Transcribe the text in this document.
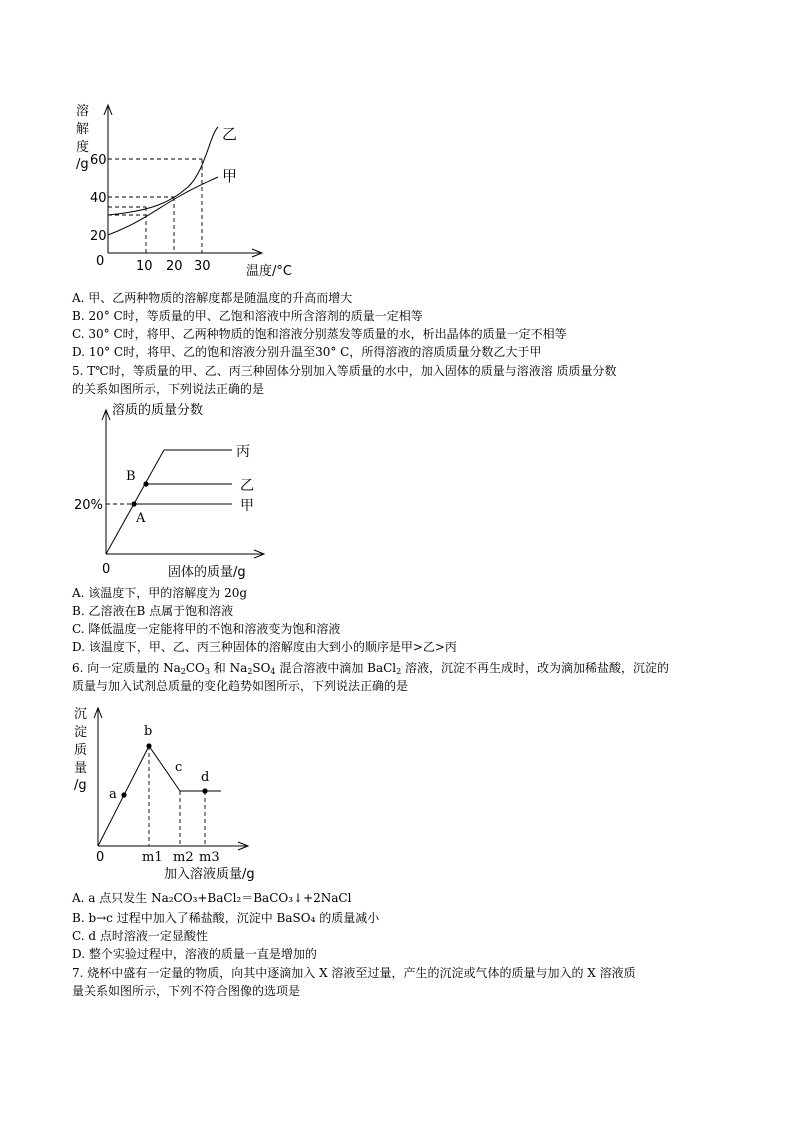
溶
解
度
/g 60
40
20
0 10 20 30	温度/°C
乙
甲
A. 甲、乙两种物质的溶解度都是随温度的升高而增大
B. 20° C时，等质量的甲、乙饱和溶液中所含溶剂的质量一定相等
C. 30° C时，将甲、乙两种物质的饱和溶液分别蒸发等质量的水，析出晶体的质量一定不相等
D. 10° C时，将甲、乙的饱和溶液分别升温至30° C，所得溶液的溶质质量分数乙大于甲
5. T℃时，等质量的甲、乙、丙三种固体分别加入等质量的水中，加入固体的质量与溶液溶 质质量分数
的关系如图所示，下列说法正确的是
溶质的质量分数
20%
0	固体的质量/g
丙
乙
甲
B
A
A. 该温度下，甲的溶解度为 20g
B. 乙溶液在B 点属于饱和溶液
C. 降低温度一定能将甲的不饱和溶液变为饱和溶液
D. 该温度下，甲、乙、丙三种固体的溶解度由大到小的顺序是甲>乙>丙
6. 向一定质量的 $Na_2CO_3$ 和 $Na_2SO_4$ 混合溶液中滴加 BaCl$_2$ 溶液，沉淀不再生成时，改为滴加稀盐酸，沉淀的
质量与加入试剂总质量的变化趋势如图所示，下列说法正确的是
沉
淀
质
量
/g
0
a
b
c
d
m1 m2 m3
加入溶液质量/g
A. a 点只发生 Na₂CO₃+BaCl₂＝BaCO₃↓+2NaCl
B. b→c 过程中加入了稀盐酸，沉淀中 BaSO₄ 的质量减小
C. d 点时溶液一定显酸性
D. 整个实验过程中，溶液的质量一直是增加的
7. 烧杯中盛有一定量的物质，向其中逐滴加入 X 溶液至过量，产生的沉淀或气体的质量与加入的 X 溶液质
量关系如图所示，下列不符合图像的选项是
